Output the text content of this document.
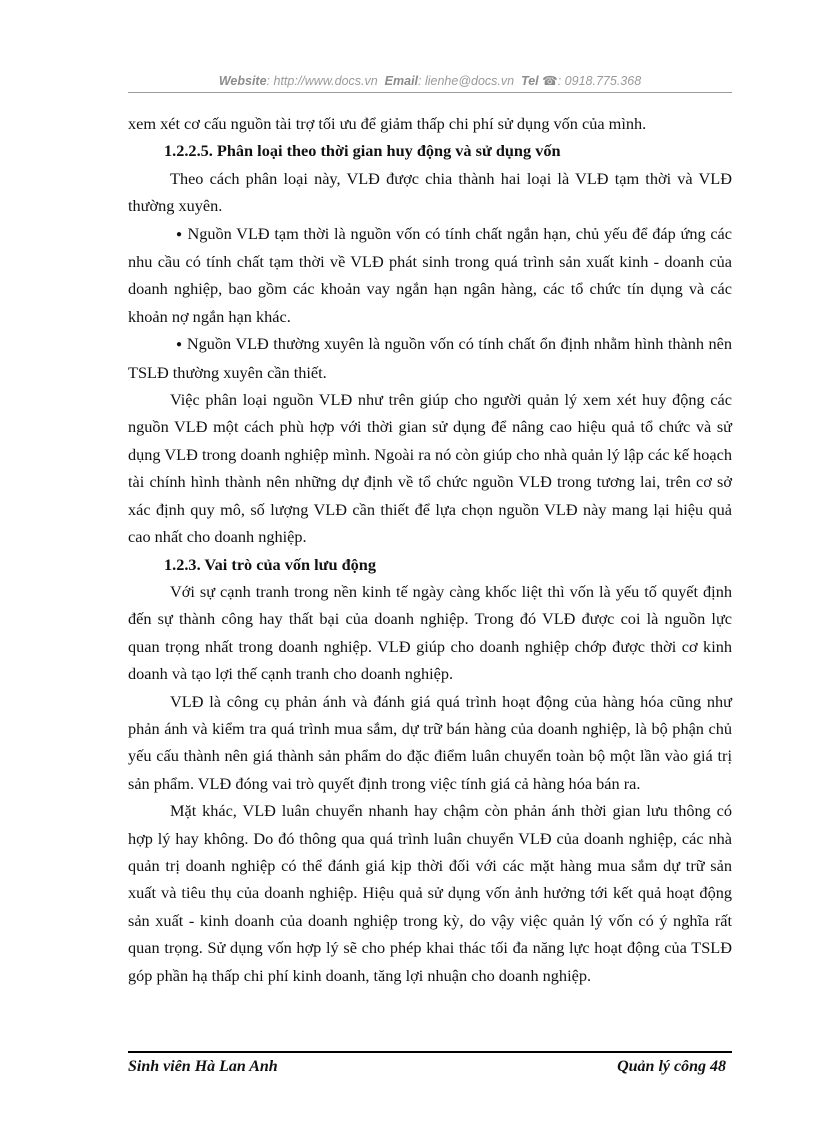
Website: http://www.docs.vn Email: lienhe@docs.vn Tel ☎: 0918.775.368

xem xét cơ cấu nguồn tài trợ tối ưu để giảm thấp chi phí sử dụng vốn của mình.

1.2.2.5. Phân loại theo thời gian huy động và sử dụng vốn

Theo cách phân loại này, VLĐ được chia thành hai loại là VLĐ tạm thời và VLĐ thường xuyên.

● Nguồn VLĐ tạm thời là nguồn vốn có tính chất ngắn hạn, chủ yếu để đáp ứng các nhu cầu có tính chất tạm thời về VLĐ phát sinh trong quá trình sản xuất kinh - doanh của doanh nghiệp, bao gồm các khoản vay ngắn hạn ngân hàng, các tổ chức tín dụng và các khoản nợ ngắn hạn khác.

● Nguồn VLĐ thường xuyên là nguồn vốn có tính chất ổn định nhằm hình thành nên TSLĐ thường xuyên cần thiết.

Việc phân loại nguồn VLĐ như trên giúp cho người quản lý xem xét huy động các nguồn VLĐ một cách phù hợp với thời gian sử dụng để nâng cao hiệu quả tổ chức và sử dụng VLĐ trong doanh nghiệp mình. Ngoài ra nó còn giúp cho nhà quản lý lập các kế hoạch tài chính hình thành nên những dự định về tổ chức nguồn VLĐ trong tương lai, trên cơ sở xác định quy mô, số lượng VLĐ cần thiết để lựa chọn nguồn VLĐ này mang lại hiệu quả cao nhất cho doanh nghiệp.

1.2.3. Vai trò của vốn lưu động

Với sự cạnh tranh trong nền kinh tế ngày càng khốc liệt thì vốn là yếu tố quyết định đến sự thành công hay thất bại của doanh nghiệp. Trong đó VLĐ được coi là nguồn lực quan trọng nhất trong doanh nghiệp. VLĐ giúp cho doanh nghiệp chớp được thời cơ kinh doanh và tạo lợi thế cạnh tranh cho doanh nghiệp.

VLĐ là công cụ phản ánh và đánh giá quá trình hoạt động của hàng hóa cũng như phản ánh và kiểm tra quá trình mua sắm, dự trữ bán hàng của doanh nghiệp, là bộ phận chủ yếu cấu thành nên giá thành sản phẩm do đặc điểm luân chuyển toàn bộ một lần vào giá trị sản phẩm. VLĐ đóng vai trò quyết định trong việc tính giá cả hàng hóa bán ra.

Mặt khác, VLĐ luân chuyển nhanh hay chậm còn phản ánh thời gian lưu thông có hợp lý hay không. Do đó thông qua quá trình luân chuyển VLĐ của doanh nghiệp, các nhà quản trị doanh nghiệp có thể đánh giá kịp thời đối với các mặt hàng mua sắm dự trữ sản xuất và tiêu thụ của doanh nghiệp. Hiệu quả sử dụng vốn ảnh hưởng tới kết quả hoạt động sản xuất - kinh doanh của doanh nghiệp trong kỳ, do vậy việc quản lý vốn có ý nghĩa rất quan trọng. Sử dụng vốn hợp lý sẽ cho phép khai thác tối đa năng lực hoạt động của TSLĐ góp phần hạ thấp chi phí kinh doanh, tăng lợi nhuận cho doanh nghiệp.

Sinh viên Hà Lan Anh	Quản lý công 48
